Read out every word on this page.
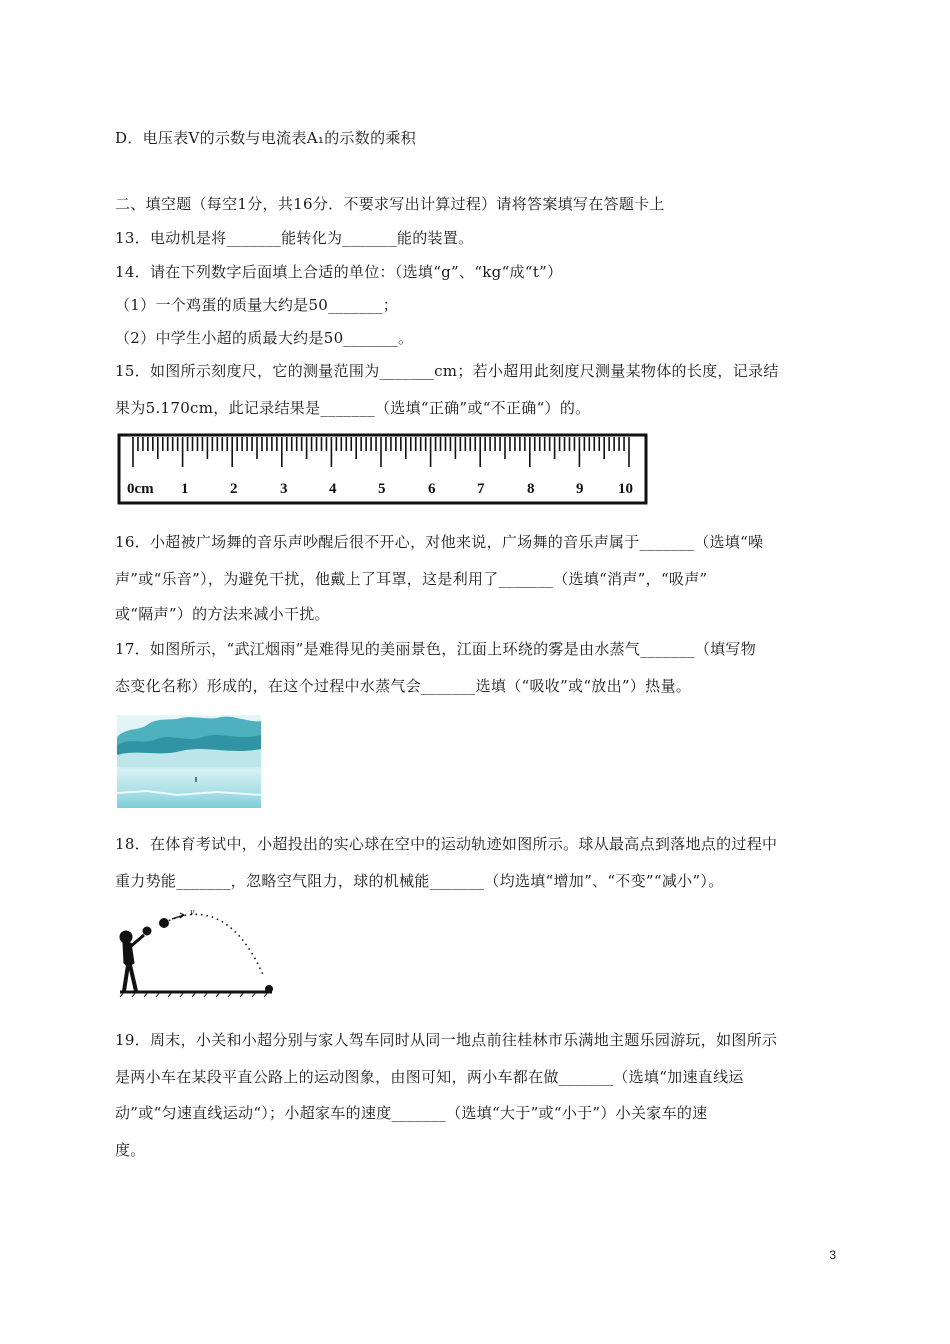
D．电压表V的示数与电流表A₁的示数的乘积
二、填空题（每空1分，共16分．不要求写出计算过程）请将答案填写在答题卡上
13．电动机是将_______能转化为_______能的装置。
14．请在下列数字后面填上合适的单位：（选填“g”、“kg“成“t”）
（1）一个鸡蛋的质量大约是50_______；
（2）中学生小超的质最大约是50_______。
15．如图所示刻度尺，它的测量范围为_______cm；若小超用此刻度尺测量某物体的长度，记录结
果为5.170cm，此记录结果是_______（选填“正确”或“不正确“）的。
0cm 1	2	3	4	5	6	7	8	9 10
16．小超被广场舞的音乐声吵醒后很不开心，对他来说，广场舞的音乐声属于_______（选填“噪
声”或“乐音”），为避免干扰，他戴上了耳罩，这是利用了_______（选填“消声”，“吸声”
或“隔声”）的方法来减小干扰。
17．如图所示，“武江烟雨”是难得见的美丽景色，江面上环绕的雾是由水蒸气_______（填写物
态变化名称）形成的，在这个过程中水蒸气会_______选填（“吸收”或“放出”）热量。
18．在体育考试中，小超投出的实心球在空中的运动轨迹如图所示。球从最高点到落地点的过程中
重力势能_______，忽略空气阻力，球的机械能_______（均选填“增加”、“不变”“减小”）。
v
19．周末，小关和小超分别与家人驾车同时从同一地点前往桂林市乐满地主题乐园游玩，如图所示
是两小车在某段平直公路上的运动图象，由图可知，两小车都在做_______（选填“加速直线运
动”或“匀速直线运动“）；小超家车的速度_______（选填“大于”或“小于”）小关家车的速
度。
3
